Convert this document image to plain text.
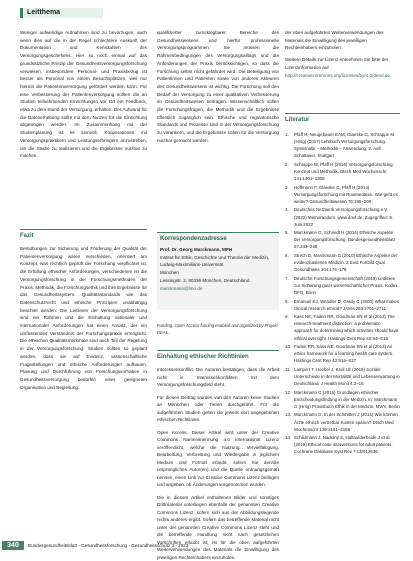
Leitthema

Weniger aufwendige Aufnahmen sind zu bevorzugen, auch wenn dies auf die in der Regel schlechtere Auskunft der Dokumentation und Kennzahlen des Versorgungsgeschehens. Hier so noch einmal auf das grundsätzliche Prinzip der Gesundheitsversorgungsforschung verwiesen, insbesondere Personal- und Praxisbezug ist besser als Personal von einem Besuchsplätzen, weil nur hiermit die Patientenversorgung gefördert werden kann. Für eine Verbesserung der Patientenversorgung sollten die an Studien teilnehmenden Einrichtungen vor Ort ein Feedback, etwa zu dem Stand der Versorgung, erhalten. Der Aufwand für die Datenerhebung sollte mit dem Nutzen für die Einrichtung abgewogen werden. Im Zusammenhang mit der Studienplanung ist es sinnvoll, Kooperationen mit Versorgungspraktikern und Leistungserbringern anzustreben, um die Studie zu realisieren und die Ergebnisse nutzbar zu machen.

Fazit
Bemühungen zur Sicherung und Förderung der Qualität der Patientenversorgung waren verschieden, orientiert am Konzept, was rechtlich geprüft der Forschung verpflichtet ist, die Erfüllung ethischer Anforderungen, verschiedenen ist die Versorgungsforschung in der Forschungsmethoden der Praxis, Methodik, die Forschungsethik und ihre Ergebnisse für das Gesundheitssystem. Qualitätsstandards wie das Datenschutzrecht und ethische Prinzipien unabhängig beachtet werden. Die Leitlinien der Versorgungsforschung sind ein Rahmen und die Einhaltung nationaler und internationaler Anforderungen hat einen Ansatz, der ein umfassendes Verständnis der Forschungspraxis ermöglicht. Die ethischen Qualitätsmerkmale sind auch Teil der Regelung in der Versorgungsforschung. Studien sollten so geplant werden, dass sie auf Evidenz, wissenschaftliche Fragestellungen und ethische Anforderungen aufbauen. Planung und Durchführung von Forschungsvorhaben in Gesundheitsversorgung bedürfen einer geeigneten Organisation und Begleitung.

qualifizierter zurücklegbarer Bereiche des Gesundheitswesens und hierfür professionelle Versorgungsprogrammen. Sie müssen die Rahmenbedingungen des Versorgungsalltags und die Anforderungen der Praxis berücksichtigen, so dass die Forschung selbst nicht gefährdet wird. Die Beteiligung von Patientinnen und Patienten sowie von anderen Akteuren des Gesundheitswesens ist wichtig. Die Forschung soll den Bedarf der Versorgung zu einer qualitativen Verbesserung im Gesundheitswesen beitragen. Wissenschaftlich sollen die Forschungsfragen, die Methodik und die Ergebnisse öffentlich zugänglich sein. Ethische und regulatorische Standards und Prozesse sind in der Versorgungsforschung zu verankern, und die Ergebnisse sollen für die Versorgung nutzbar gemacht werden.

Korrespondenzadresse
Prof. Dr. Georg Marckmann, MPH
Institut für Ethik, Geschichte und Theorie der Medizin, Ludwig-Maximilians-Universität
München
Lessingstr. 2, 80336 München, Deutschland
marckmann@lmu.de
Funding. Open Access funding enabled and organized by Projekt DEAL.
Einhaltung ethischer Richtlinien

Interessenkonflikt. Die Autoren bestätigen, dass die Arbeit nicht in Interessenkonflikten mit dem Versorgungsforschungsfeld steht.

Für diesen Beitrag wurden von den Autoren keine Studien an Menschen oder Tieren durchgeführt. Für die aufgeführten Studien gelten die jeweils dort angegebenen ethischen Richtlinien.

Open Access. Dieser Artikel wird unter der Creative Commons Namensnennung 4.0 International Lizenz veröffentlicht, welche die Nutzung, Vervielfältigung, Bearbeitung, Verbreitung und Wiedergabe in jeglichem Medium und Format erlaubt, sofern Sie den/die ursprünglichen Autor(en) und die Quelle ordnungsgemäß nennen, einen Link zur Creative Commons Lizenz beifügen und angeben, ob Änderungen vorgenommen wurden.

Die in diesem Artikel enthaltenen Bilder und sonstiges Drittmaterial unterliegen ebenfalls der genannten Creative Commons Lizenz, sofern sich aus der Abbildungslegende nichts anderes ergibt. Sofern das betreffende Material nicht unter der genannten Creative Commons Lizenz steht und die betreffende Handlung nicht nach gesetzlichen Vorschriften erlaubt ist, ist für die oben aufgeführten Weiterverwendungen des Materials die Einwilligung des jeweiligen Rechteinhabers einzuholen.

der oben aufgeführten Weiterverwendungen des Materials die Einwilligung des jeweiligen Rechteinhabers einzuholen.

Weitere Details zur Lizenz entnehmen Sie bitte der Lizenzinformation auf http://creativecommons.org/licenses/by/4.0/deed.de.

Literatur
1. Pfaff H, Neugebauer EAM, Glaeske G, Schrappe M (Hrsg) (2017) Lehrbuch Versorgungsforschung. Systematik – Methodik – Anwendung, 2. Aufl. Schattauer, Stuttgart
2. Schrappe M, Pfaff H (2016) Versorgungsforschung: Konzept und Methodik. Dtsch Med Wochenschr 141:1301–1308
3. Hoffmann F, Glaeske G, Pfaff H (2014) Versorgungsforschung mit Routinedaten. Wie geht es weiter? Gesundheitswesen 76:195–200
4. Deutsches Netzwerk Versorgungsforschung e.V. (2022) Memorandum. www.dnvf.de. Zugegriffen: 8. Juni 2022
5. Marckmann G, Schmidt H (2014) Ethische Aspekte der Versorgungsforschung. Bundesgesundheitsblatt 57:243–248
6. Strech D, Marckmann G (2010) Ethische Aspekte der evidenzbasierten Medizin. Z Evid Fortbild Qual Gesundhwes 104:174–179
7. Deutsche Forschungsgemeinschaft (2019) Leitlinien zur Sicherung guter wissenschaftlicher Praxis. Kodex. DFG, Bonn
8. Emanuel EJ, Wendler D, Grady C (2000) What makes clinical research ethical? JAMA 283:2701–2711
9. Kass NE, Faden RR, Goodman SN et al (2013) The research-treatment distinction: a problematic approach for determining which activities should have ethical oversight. Hastings Cent Rep 43:S4–S15
10. Faden RR, Kass NE, Goodman SN et al (2013) An ethics framework for a learning health care system. Hastings Cent Rep 43:S16–S27
11. Lampert T, Hoebel J, Kroll LE (2019) Soziale Unterschiede in der Mortalität und Lebenserwartung in Deutschland. J Health Monit 4:3–15
12. Marckmann G (2015) Grundlagen ethischer Entscheidungsfindung in der Medizin. In: Marckmann G (Hrsg) Praxisbuch Ethik in der Medizin. MWV, Berlin
13. Marckmann G, In der Schmitten J (2014) Wie können Ärzte ethisch vertretbar Kosten sparen? Dtsch Med Wochenschr 139:2161–2166
14. Schildmann J, Nadolny S, Haltaufderheide J et al (2019) Ethical case interventions for adult patients. Cochrane Database Syst Rev 7:CD012636
340	Bundesgesundheitsblatt - Gesundheitsforschung - Gesundheitsschutz 3 · 2023
